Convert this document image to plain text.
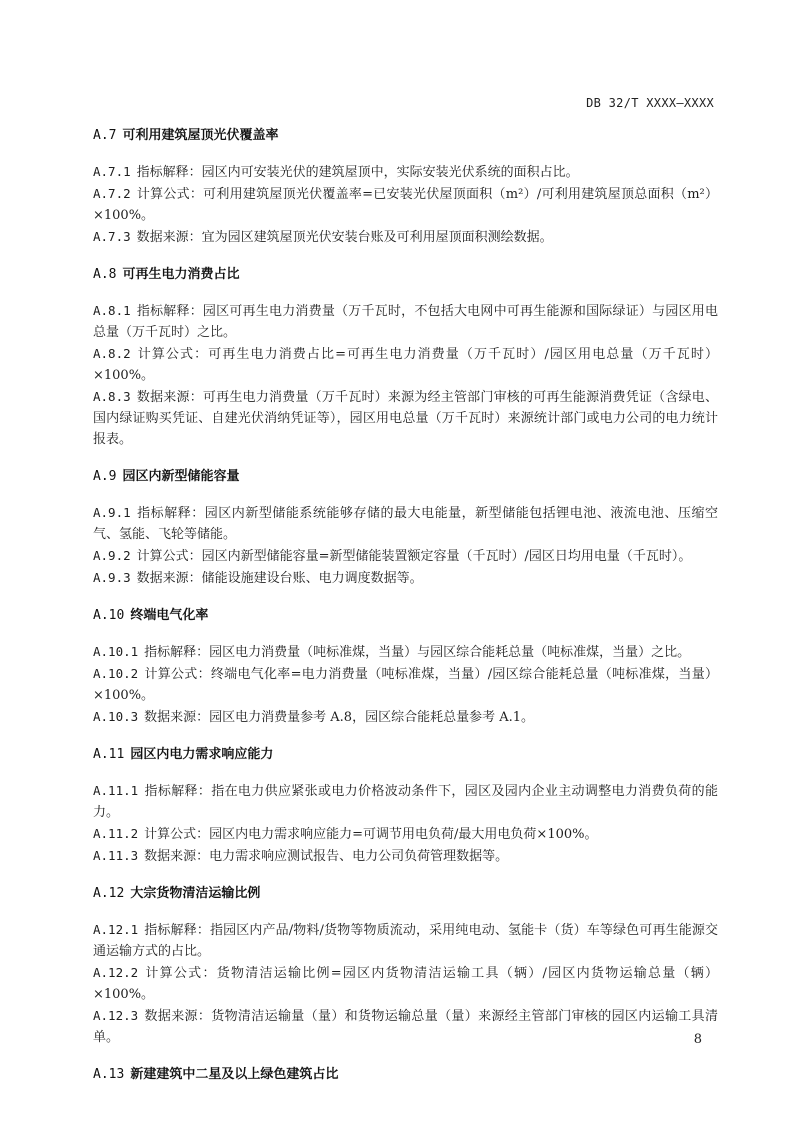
DB 32/T XXXX—XXXX
A.7 可利用建筑屋顶光伏覆盖率

A.7.1 指标解释：园区内可安装光伏的建筑屋顶中，实际安装光伏系统的面积占比。

A.7.2 计算公式：可利用建筑屋顶光伏覆盖率=已安装光伏屋顶面积（m²）/可利用建筑屋顶总面积（m²）×100%。

A.7.3 数据来源：宜为园区建筑屋顶光伏安装台账及可利用屋顶面积测绘数据。

A.8 可再生电力消费占比

A.8.1 指标解释：园区可再生电力消费量（万千瓦时，不包括大电网中可再生能源和国际绿证）与园区用电总量（万千瓦时）之比。

A.8.2 计算公式：可再生电力消费占比=可再生电力消费量（万千瓦时）/园区用电总量（万千瓦时）×100%。

A.8.3 数据来源：可再生电力消费量（万千瓦时）来源为经主管部门审核的可再生能源消费凭证（含绿电、国内绿证购买凭证、自建光伏消纳凭证等），园区用电总量（万千瓦时）来源统计部门或电力公司的电力统计报表。

A.9 园区内新型储能容量

A.9.1 指标解释：园区内新型储能系统能够存储的最大电能量，新型储能包括锂电池、液流电池、压缩空气、氢能、飞轮等储能。

A.9.2 计算公式：园区内新型储能容量=新型储能装置额定容量（千瓦时）/园区日均用电量（千瓦时）。

A.9.3 数据来源：储能设施建设台账、电力调度数据等。

A.10 终端电气化率

A.10.1 指标解释：园区电力消费量（吨标准煤，当量）与园区综合能耗总量（吨标准煤，当量）之比。

A.10.2 计算公式：终端电气化率=电力消费量（吨标准煤，当量）/园区综合能耗总量（吨标准煤，当量）×100%。

A.10.3 数据来源：园区电力消费量参考 A.8，园区综合能耗总量参考 A.1。

A.11 园区内电力需求响应能力

A.11.1 指标解释：指在电力供应紧张或电力价格波动条件下，园区及园内企业主动调整电力消费负荷的能力。

A.11.2 计算公式：园区内电力需求响应能力=可调节用电负荷/最大用电负荷×100%。

A.11.3 数据来源：电力需求响应测试报告、电力公司负荷管理数据等。

A.12 大宗货物清洁运输比例

A.12.1 指标解释：指园区内产品/物料/货物等物质流动，采用纯电动、氢能卡（货）车等绿色可再生能源交通运输方式的占比。

A.12.2 计算公式：货物清洁运输比例=园区内货物清洁运输工具（辆）/园区内货物运输总量（辆）×100%。

A.12.3 数据来源：货物清洁运输量（量）和货物运输总量（量）来源经主管部门审核的园区内运输工具清单。

A.13 新建建筑中二星及以上绿色建筑占比
8
